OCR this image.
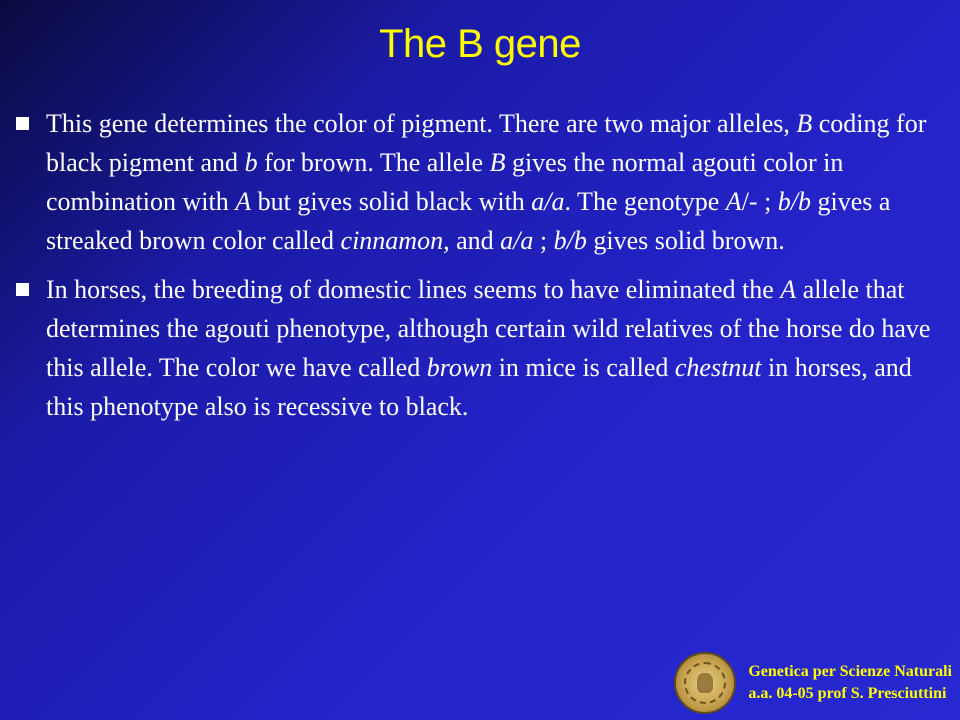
The B gene
This gene determines the color of pigment. There are two major alleles, B coding for black pigment and b for brown. The allele B gives the normal agouti color in combination with A but gives solid black with a/a. The genotype A/- ; b/b gives a streaked brown color called cinnamon, and a/a ; b/b gives solid brown.
In horses, the breeding of domestic lines seems to have eliminated the A allele that determines the agouti phenotype, although certain wild relatives of the horse do have this allele. The color we have called brown in mice is called chestnut in horses, and this phenotype also is recessive to black.
Genetica per Scienze Naturali
a.a. 04-05 prof S. Presciuttini
